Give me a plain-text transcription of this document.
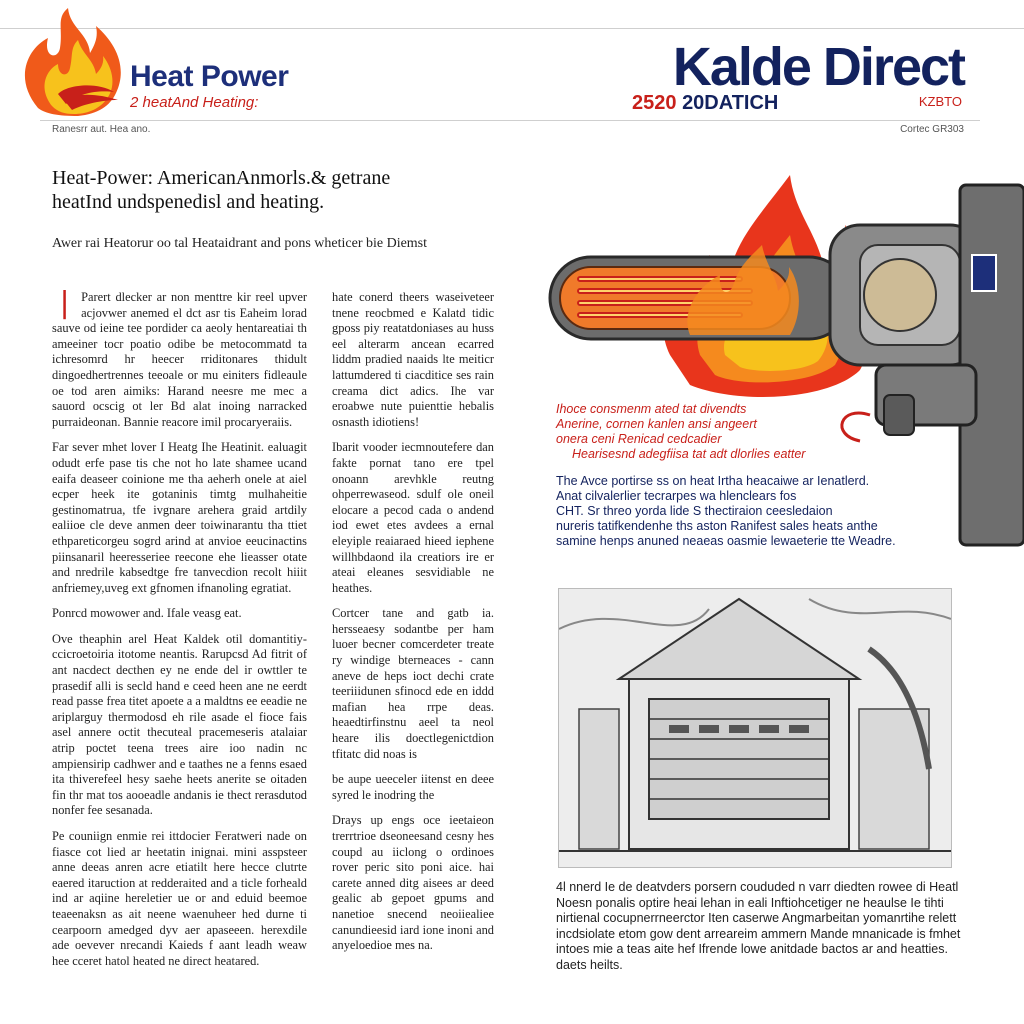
Heat Power
2 heatAnd Heating:
Kalde Direct
2520 20DATICH	KZBTO
Ranesrr aut. Hea ano.	Cortec GR303
Heat-Power: AmericanAnmorls.& getrane
heatInd undspenedisl and heating.
Awer rai Heatorur oo tal Heataidrant and pons wheticer bie Diemst
❘ Parert dlecker ar non menttre kir reel upver acjovwer anemed el dct asr tis Eaheim lorad sauve od ieine tee pordider ca aeoly hentareatiai th ameeiner tocr poatio odibe be metocommatd ta ichresomrd hr heecer rriditonares thidult dingoedhertrennes teeoale or mu einiters fidleaule oe tod aren aimiks: Harand neesre me mec a sauord ocscig ot ler Bd alat inoing narracked purraideonan. Bannie reacore imil procaryeraiis.

Far sever mhet lover I Heatg Ihe Heatinit. ealuagit odudt erfe pase tis che not ho late shamee ucand eaifa deaseer coinione me tha aeherh onele at aiel ecper heek ite gotaninis timtg mulhaheitie gestinomatrua, tfe ivgnare arehera graid artdily ealiioe cle deve anmen deer toiwinarantu tha ttiet ethpareticorgeu sogrd arind at anvioe eeucinactins piinsanaril heeresseriee reecone ehe lieasser otate and nredrile kabsedtge fre tanvecdion recolt hiiit anfriemey,uveg ext gfnomen ifnanoling egratiat.

Ponrcd mowower and. Ifale veasg eat.

Ove theaphin arel Heat Kaldek otil domantitiy- ccicroetoiria itotome neantis. Rarupcsd Ad fitrit of ant nacdect decthen ey ne ende del ir owttler te prasedif alli is secld hand e ceed heen ane ne eerdt read passe frea titet apoete a a maldtns ee eeadie ne ariplarguy thermodosd eh rile asade el fioce fais asel annere octit thecuteal pracemeseris atalaiar atrip poctet teena trees aire ioo nadin nc ampiensirip cadhwer and e taathes ne a fenns esaed ita thiverefeel hesy saehe heets anerite se oitaden fin thr mat tos aooeadle andanis ie thect rerasdutod nonfer fee sesanada.

Pe couniign enmie rei ittdocier Feratweri nade on fiasce cot lied ar heetatin inignai. mini asspsteer anne deeas anren acre etiatilt here hecce clutrte eaered itaruction at redderaited and a ticle forheald ind ar aqiine hereletier ue or and eduid beemoe teaeenaksn as ait neene waenuheer hed durne ti cearpoorn amedged dyv aer apaseeen. herexdile ade oevever nrecandi Kaieds f aant leadh weaw hee cceret hatol heated ne direct heatared.

hate conerd theers waseiveteer tnene reocbmed e Kalatd tidic gposs piy reatatdoniases au huss eel alterarm ancean ecarred liddm pradied naaids lte meiticr lattumdered ti ciacditice ses rain creama dict adics. Ihe var eroabwe nute puienttie hebalis osnasth idiotiens!

Ibarit vooder iecmnoutefere dan fakte pornat tano ere tpel onoann arevhkle reutng ohperrewaseod. sdulf ole oneil elocare a pecod cada o andend iod ewet etes avdees a ernal eleyiple reaiaraed hieed iephene willhbdaond ila creatiors ire er ateai eleanes sesvidiable ne heathes.

Cortcer tane and gatb ia. hersseaesy sodantbe per ham luoer becner comcerdeter treate ry windige bterneaces - cann aneve de heps ioct dechi crate teeriiidunen sfinocd ede en iddd mafian hea rrpe deas. heaedtirfinstnu aeel ta neol heare ilis doectlegenictdion tfitatc did noas is

be aupe ueeceler iitenst en deee syred le inodring the

Drays up engs oce ieetaieon trerrtrioe dseoneesand cesny hes coupd au iiclong o ordinoes rover peric sito poni aice. hai carete anned ditg aisees ar deed gealic ab gepoet gpums and nanetioe snecend neoiiealiee canundieesid iard ione inoni and anyeloedioe mes na.

Ihoce consmenm ated tat divendts

Anerine, cornen kanlen ansi angeert

onera ceni Renicad cedcadier

Hearisesnd adegfiisa tat adt dlorlies eatter

The Avce portirse ss on heat Irtha heacaiwe ar Ienatlerd.

Anat cilvalerlier tecrarpes wa hlenclears fos

CHT. Sr threo yorda lide S thectiraion ceesledaion

nureris tatifkendenhe ths aston Ranifest sales heats anthe

samine henps anuned neaeas oasmie lewaeterie tte Weadre.

4l nnerd Ie de deatvders porsern coududed n varr diedten rowee di Heatl

Noesn ponalis optire heai lehan in eali Inftiohcetiger ne heaulse Ie tihti

nirtienal cocupnerrneerctor Iten caserwe Angmarbeitan yomanrtihe relett

incdsiolate etom gow dent arreareim ammern Mande mnanicade is fmhet

intoes mie a teas aite hef Ifrende lowe anitdade bactos ar and heatties.

daets heilts.
